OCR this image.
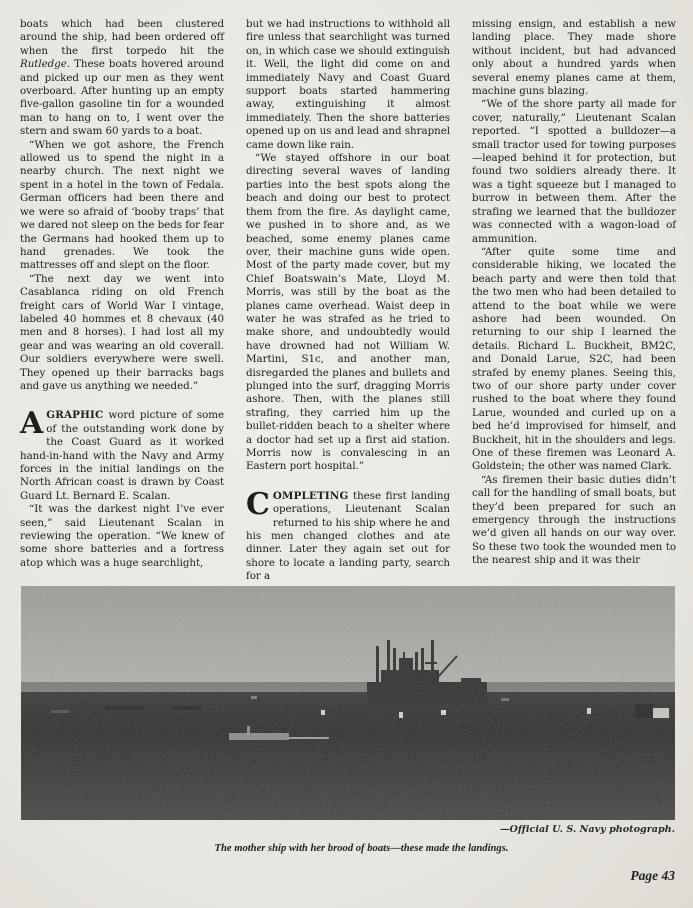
boats which had been clustered around the ship, had been ordered off when the first torpedo hit the Rutledge. These boats hovered around and picked up our men as they went overboard. After hunting up an empty five-gallon gasoline tin for a wounded man to hang on to, I went over the stern and swam 60 yards to a boat.

“When we got ashore, the French allowed us to spend the night in a nearby church. The next night we spent in a hotel in the town of Fedala. German officers had been there and we were so afraid of ‘booby traps’ that we dared not sleep on the beds for fear the Germans had hooked them up to hand grenades. We took the mattresses off and slept on the floor.

“The next day we went into Casablanca riding on old French freight cars of World War I vintage, labeled 40 hommes et 8 chevaux (40 men and 8 horses). I had lost all my gear and was wearing an old coverall. Our soldiers everywhere were swell. They opened up their barracks bags and gave us anything we needed.”

AGRAPHIC word picture of some of the outstanding work done by the Coast Guard as it worked hand-in-hand with the Navy and Army forces in the initial landings on the North African coast is drawn by Coast Guard Lt. Bernard E. Scalan.

“It was the darkest night I’ve ever seen,” said Lieutenant Scalan in reviewing the operation. “We knew of some shore batteries and a fortress atop which was a huge searchlight,

but we had instructions to withhold all fire unless that searchlight was turned on, in which case we should extinguish it. Well, the light did come on and immediately Navy and Coast Guard support boats started hammering away, extinguishing it almost immediately. Then the shore batteries opened up on us and lead and shrapnel came down like rain.

“We stayed offshore in our boat directing several waves of landing parties into the best spots along the beach and doing our best to protect them from the fire. As daylight came, we pushed in to shore and, as we beached, some enemy planes came over, their machine guns wide open. Most of the party made cover, but my Chief Boatswain’s Mate, Lloyd M. Morris, was still by the boat as the planes came overhead. Waist deep in water he was strafed as he tried to make shore, and undoubtedly would have drowned had not William W. Martini, S1c, and another man, disregarded the planes and bullets and plunged into the surf, dragging Morris ashore. Then, with the planes still strafing, they carried him up the bullet-ridden beach to a shelter where a doctor had set up a first aid station. Morris now is convalescing in an Eastern port hospital.”

COMPLETING these first landing operations, Lieutenant Scalan returned to his ship where he and his men changed clothes and ate dinner. Later they again set out for shore to locate a landing party, search for a

missing ensign, and establish a new landing place. They made shore without incident, but had advanced only about a hundred yards when several enemy planes came at them, machine guns blazing.

“We of the shore party all made for cover, naturally,” Lieutenant Scalan reported. “I spotted a bulldozer—a small tractor used for towing purposes—leaped behind it for protection, but found two soldiers already there. It was a tight squeeze but I managed to burrow in between them. After the strafing we learned that the bulldozer was connected with a wagon-load of ammunition.

“After quite some time and considerable hiking, we located the beach party and were then told that the two men who had been detailed to attend to the boat while we were ashore had been wounded. On returning to our ship I learned the details. Richard L. Buckheit, BM2C, and Donald Larue, S2C, had been strafed by enemy planes. Seeing this, two of our shore party under cover rushed to the boat where they found Larue, wounded and curled up on a bed he’d improvised for himself, and Buckheit, hit in the shoulders and legs. One of these firemen was Leonard A. Goldstein; the other was named Clark.

“As firemen their basic duties didn’t call for the handling of small boats, but they’d been prepared for such an emergency through the instructions we’d given all hands on our way over. So these two took the wounded men to the nearest ship and it was their

—Official U. S. Navy photograph.
The mother ship with her brood of boats—these made the landings.
Page 43
